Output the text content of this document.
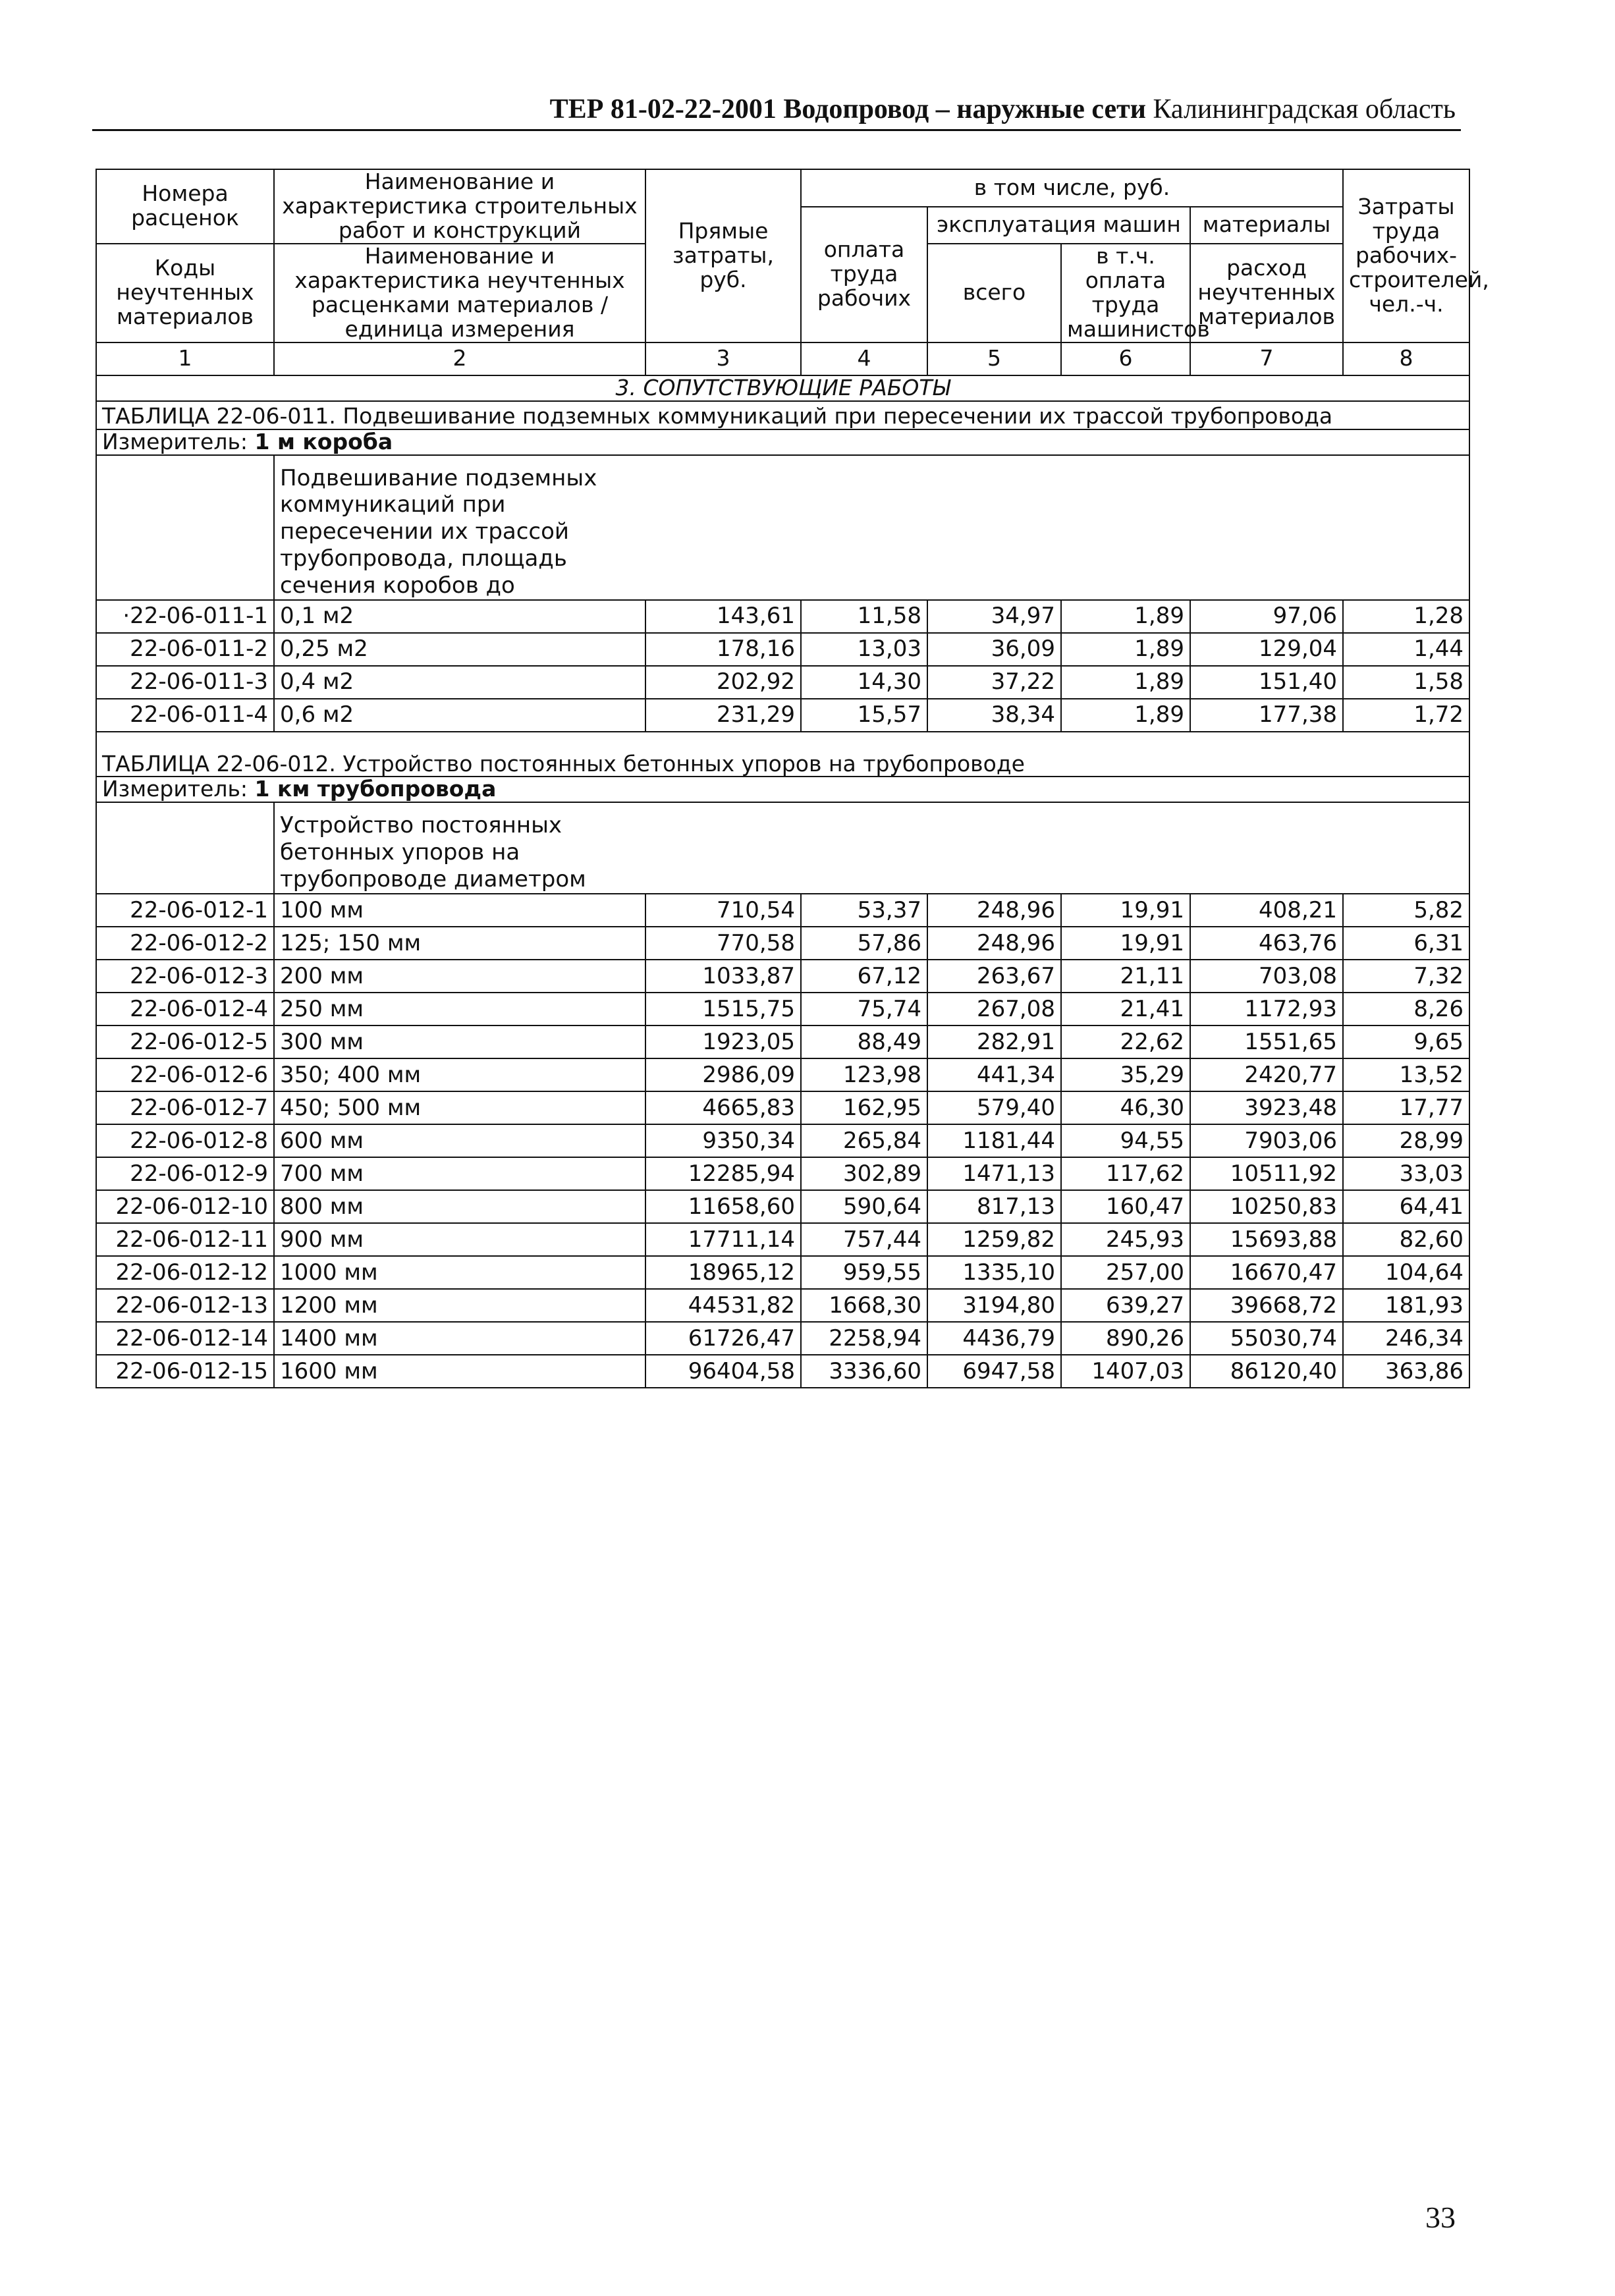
ТЕР 81-02-22-2001 Водопровод – наружные сети Калининградская область
Номера расценок	Наименование и характеристика строительных работ и конструкций	Прямые затраты, руб.	в том числе, руб.				Затраты труда рабочих-строителей, чел.-ч.
			оплата труда рабочих	эксплуатация машин		материалы	
Коды неучтенных материалов	Наименование и характеристика неучтенных расценками материалов / единица измерения			всего	в т.ч. оплата труда машинистов	расход неучтенных материалов	

1	2	3	4	5	6	7	8
3. СОПУТСТВУЮЩИЕ РАБОТЫ							
ТАБЛИЦА 22-06-011. Подвешивание подземных коммуникаций при пересечении их трассой трубопровода							
Измеритель: 1 м короба							

	Подвешивание подземных коммуникаций при пересечении их трассой трубопровода, площадь сечения коробов до						

·22-06-011-1	0,1 м2	143,61	11,58	34,97	1,89	97,06	1,28
22-06-011-2	0,25 м2	178,16	13,03	36,09	1,89	129,04	1,44
22-06-011-3	0,4 м2	202,92	14,30	37,22	1,89	151,40	1,58
22-06-011-4	0,6 м2	231,29	15,57	38,34	1,89	177,38	1,72
ТАБЛИЦА 22-06-012. Устройство постоянных бетонных упоров на трубопроводе							
Измеритель: 1 км трубопровода							

	Устройство постоянных бетонных упоров на трубопроводе диаметром						

22-06-012-1	100 мм	710,54	53,37	248,96	19,91	408,21	5,82
22-06-012-2	125; 150 мм	770,58	57,86	248,96	19,91	463,76	6,31
22-06-012-3	200 мм	1033,87	67,12	263,67	21,11	703,08	7,32
22-06-012-4	250 мм	1515,75	75,74	267,08	21,41	1172,93	8,26
22-06-012-5	300 мм	1923,05	88,49	282,91	22,62	1551,65	9,65
22-06-012-6	350; 400 мм	2986,09	123,98	441,34	35,29	2420,77	13,52
22-06-012-7	450; 500 мм	4665,83	162,95	579,40	46,30	3923,48	17,77
22-06-012-8	600 мм	9350,34	265,84	1181,44	94,55	7903,06	28,99
22-06-012-9	700 мм	12285,94	302,89	1471,13	117,62	10511,92	33,03
22-06-012-10	800 мм	11658,60	590,64	817,13	160,47	10250,83	64,41
22-06-012-11	900 мм	17711,14	757,44	1259,82	245,93	15693,88	82,60
22-06-012-12	1000 мм	18965,12	959,55	1335,10	257,00	16670,47	104,64
22-06-012-13	1200 мм	44531,82	1668,30	3194,80	639,27	39668,72	181,93
22-06-012-14	1400 мм	61726,47	2258,94	4436,79	890,26	55030,74	246,34
22-06-012-15	1600 мм	96404,58	3336,60	6947,58	1407,03	86120,40	363,86
33
